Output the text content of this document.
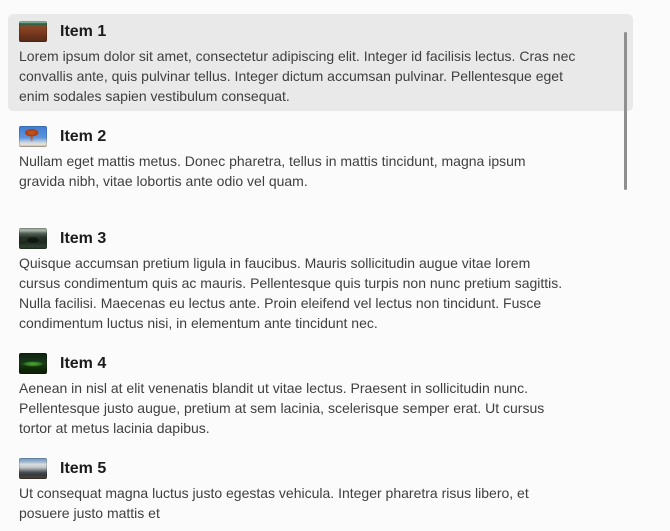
Item 1
Lorem ipsum dolor sit amet, consectetur adipiscing elit. Integer id facilisis lectus. Cras nec
convallis ante, quis pulvinar tellus. Integer dictum accumsan pulvinar. Pellentesque eget
enim sodales sapien vestibulum consequat.
Item 2
Nullam eget mattis metus. Donec pharetra, tellus in mattis tincidunt, magna ipsum
gravida nibh, vitae lobortis ante odio vel quam.
Item 3
Quisque accumsan pretium ligula in faucibus. Mauris sollicitudin augue vitae lorem
cursus condimentum quis ac mauris. Pellentesque quis turpis non nunc pretium sagittis.
Nulla facilisi. Maecenas eu lectus ante. Proin eleifend vel lectus non tincidunt. Fusce
condimentum luctus nisi, in elementum ante tincidunt nec.
Item 4
Aenean in nisl at elit venenatis blandit ut vitae lectus. Praesent in sollicitudin nunc.
Pellentesque justo augue, pretium at sem lacinia, scelerisque semper erat. Ut cursus
tortor at metus lacinia dapibus.
Item 5
Ut consequat magna luctus justo egestas vehicula. Integer pharetra risus libero, et
posuere justo mattis et
